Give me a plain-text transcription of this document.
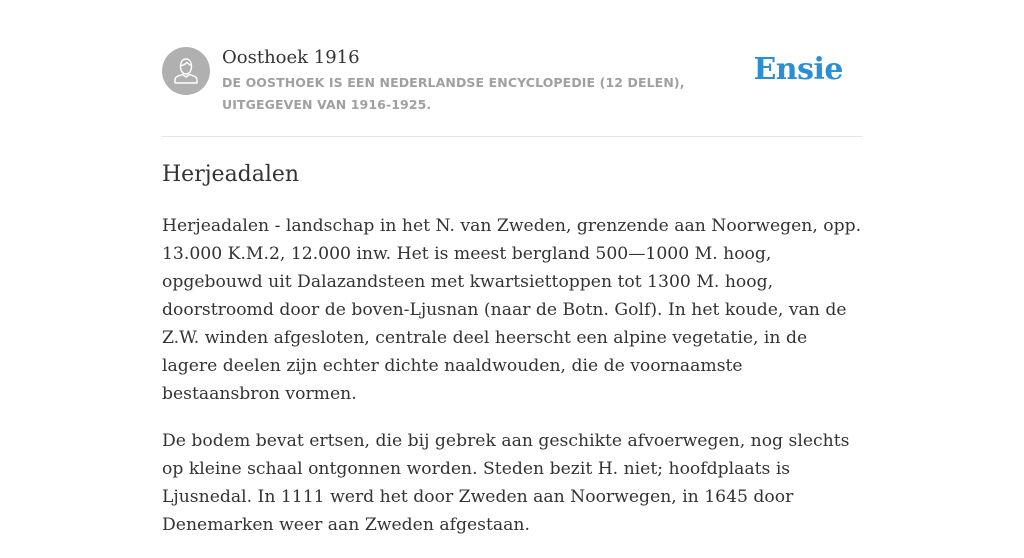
Oosthoek 1916
DE OOSTHOEK IS EEN NEDERLANDSE ENCYCLOPEDIE (12 DELEN), UITGEGEVEN VAN 1916-1925.
Ensie
Herjeadalen

Herjeadalen - landschap in het N. van Zweden, grenzende aan Noorwegen, opp. 13.000 K.M.2, 12.000 inw. Het is meest bergland 500—1000 M. hoog, opgebouwd uit Dalazandsteen met kwartsiettoppen tot 1300 M. hoog, doorstroomd door de boven-Ljusnan (naar de Botn. Golf). In het koude, van de Z.W. winden afgesloten, centrale deel heerscht een alpine vegetatie, in de lagere deelen zijn echter dichte naaldwouden, die de voornaamste bestaansbron vormen.

De bodem bevat ertsen, die bij gebrek aan geschikte afvoerwegen, nog slechts op kleine schaal ontgonnen worden. Steden bezit H. niet; hoofdplaats is Ljusnedal. In 1111 werd het door Zweden aan Noorwegen, in 1645 door Denemarken weer aan Zweden afgestaan.
